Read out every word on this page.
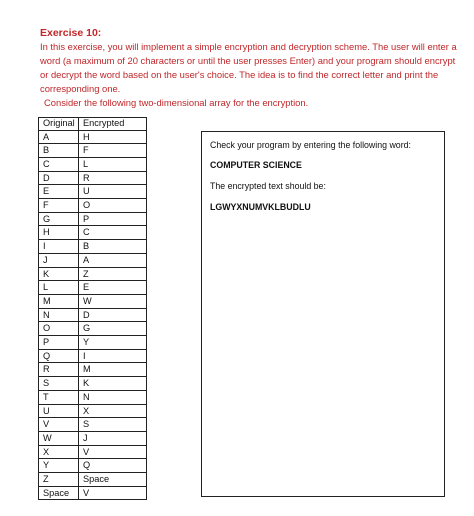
Exercise 10:
In this exercise, you will implement a simple encryption and decryption scheme. The user will enter a word (a maximum of 20 characters or until the user presses Enter) and your program should encrypt or decrypt the word based on the user's choice. The idea is to find the correct letter and print the corresponding one.
Consider the following two-dimensional array for the encryption.
Original	Encrypted
A	H
B	F
C	L
D	R
E	U
F	O
G	P
H	C
I	B
J	A
K	Z
L	E
M	W
N	D
O	G
P	Y
Q	I
R	M
S	K
T	N
U	X
V	S
W	J
X	V
Y	Q
Z	Space
Space	V
Check your program by entering the following word:
COMPUTER SCIENCE
The encrypted text should be:
LGWYXNUMVKLBUDLU
